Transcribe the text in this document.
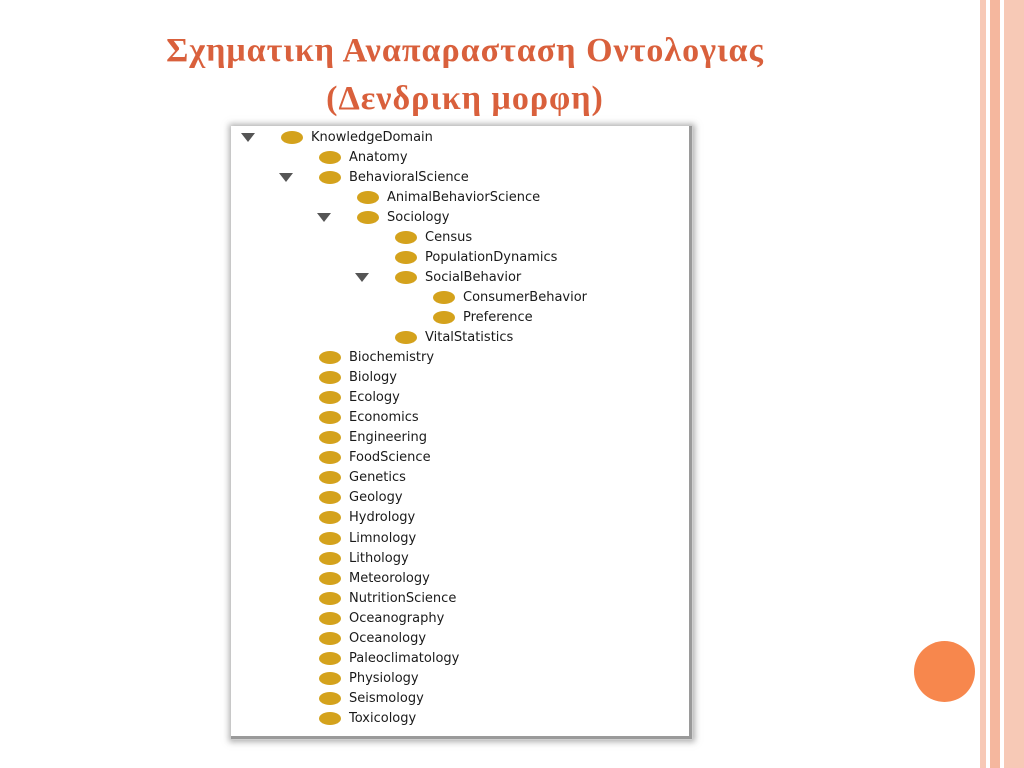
Σχηματικη Αναπαρασταση Οντολογιας
(Δενδρικη μορφη)
KnowledgeDomain
Anatomy
BehavioralScience
AnimalBehaviorScience
Sociology
Census
PopulationDynamics
SocialBehavior
ConsumerBehavior
Preference
VitalStatistics
Biochemistry
Biology
Ecology
Economics
Engineering
FoodScience
Genetics
Geology
Hydrology
Limnology
Lithology
Meteorology
NutritionScience
Oceanography
Oceanology
Paleoclimatology
Physiology
Seismology
Toxicology
